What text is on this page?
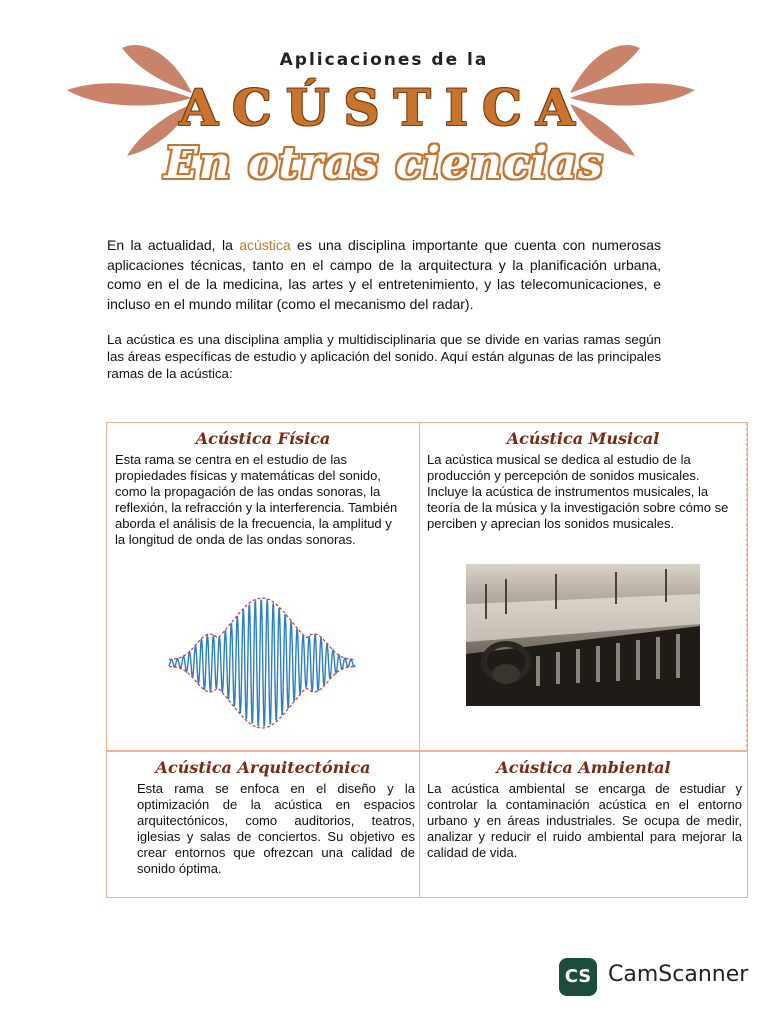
Aplicaciones de la
ACÚSTICA
En otras ciencias

En la actualidad, la acústica es una disciplina importante que cuenta con numerosas aplicaciones técnicas, tanto en el campo de la arquitectura y la planificación urbana, como en el de la medicina, las artes y el entretenimiento, y las telecomunicaciones, e incluso en el mundo militar (como el mecanismo del radar).

La acústica es una disciplina amplia y multidisciplinaria que se divide en varias ramas según las áreas específicas de estudio y aplicación del sonido. Aquí están algunas de las principales ramas de la acústica:

Acústica Física
Esta rama se centra en el estudio de las propiedades físicas y matemáticas del sonido, como la propagación de las ondas sonoras, la reflexión, la refracción y la interferencia. También aborda el análisis de la frecuencia, la amplitud y la longitud de onda de las ondas sonoras.
Acústica Musical
La acústica musical se dedica al estudio de la producción y percepción de sonidos musicales. Incluye la acústica de instrumentos musicales, la teoría de la música y la investigación sobre cómo se perciben y aprecian los sonidos musicales.
Acústica Arquitectónica
Esta rama se enfoca en el diseño y la optimización de la acústica en espacios arquitectónicos, como auditorios, teatros, iglesias y salas de conciertos. Su objetivo es crear entornos que ofrezcan una calidad de sonido óptima.
Acústica Ambiental
La acústica ambiental se encarga de estudiar y controlar la contaminación acústica en el entorno urbano y en áreas industriales. Se ocupa de medir, analizar y reducir el ruido ambiental para mejorar la calidad de vida.
CS CamScanner
